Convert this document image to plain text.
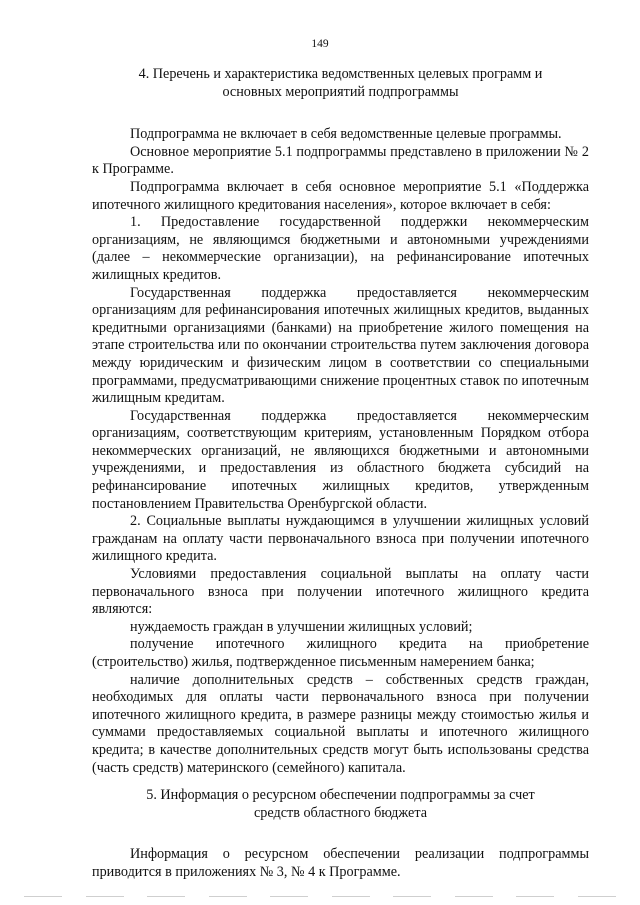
149
4. Перечень и характеристика ведомственных целевых программ и
основных мероприятий подпрограммы

Подпрограмма не включает в себя ведомственные целевые программы.

Основное мероприятие 5.1 подпрограммы представлено в приложении № 2 к Программе.

Подпрограмма включает в себя основное мероприятие 5.1 «Поддержка ипотечного жилищного кредитования населения», которое включает в себя:

1. Предоставление государственной поддержки некоммерческим организациям, не являющимся бюджетными и автономными учреждениями (далее – некоммерческие организации), на рефинансирование ипотечных жилищных кредитов.

Государственная поддержка предоставляется некоммерческим организациям для рефинансирования ипотечных жилищных кредитов, выданных кредитными организациями (банками) на приобретение жилого помещения на этапе строительства или по окончании строительства путем заключения договора между юридическим и физическим лицом в соответствии со специальными программами, предусматривающими снижение процентных ставок по ипотечным жилищным кредитам.

Государственная поддержка предоставляется некоммерческим организациям, соответствующим критериям, установленным Порядком отбора некоммерческих организаций, не являющихся бюджетными и автономными учреждениями, и предоставления из областного бюджета субсидий на рефинансирование ипотечных жилищных кредитов, утвержденным постановлением Правительства Оренбургской области.

2. Социальные выплаты нуждающимся в улучшении жилищных условий гражданам на оплату части первоначального взноса при получении ипотечного жилищного кредита.

Условиями предоставления социальной выплаты на оплату части первоначального взноса при получении ипотечного жилищного кредита являются:

нуждаемость граждан в улучшении жилищных условий;

получение ипотечного жилищного кредита на приобретение (строительство) жилья, подтвержденное письменным намерением банка;

наличие дополнительных средств – собственных средств граждан, необходимых для оплаты части первоначального взноса при получении ипотечного жилищного кредита, в размере разницы между стоимостью жилья и суммами предоставляемых социальной выплаты и ипотечного жилищного кредита; в качестве дополнительных средств могут быть использованы средства (часть средств) материнского (семейного) капитала.

5. Информация о ресурсном обеспечении подпрограммы за счет
средств областного бюджета

Информация о ресурсном обеспечении реализации подпрограммы приводится в приложениях № 3, № 4 к Программе.
